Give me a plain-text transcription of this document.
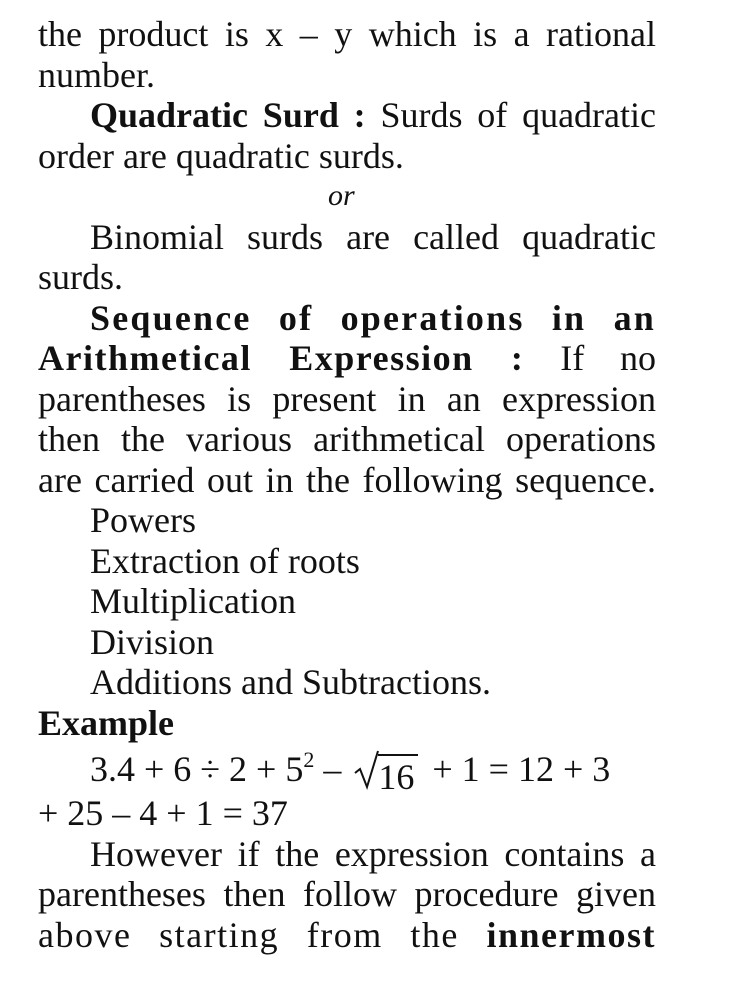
the product is x – y which is a rational
number.
Quadratic Surd : Surds of quadratic
order are quadratic surds.
or
Binomial surds are called quadratic
surds.
Sequence of operations in an
Arithmetical Expression : If no
parentheses is present in an expression
then the various arithmetical operations
are carried out in the following sequence.
Powers
Extraction of roots
Multiplication
Division
Additions and Subtractions.
Example
$3.4 + 6 \div 2 + 5^2$ –
16 + 1 = 12 + 3
+ 25 – 4 + 1 = 37
However if the expression contains a
parentheses then follow procedure given
above starting from the innermost
